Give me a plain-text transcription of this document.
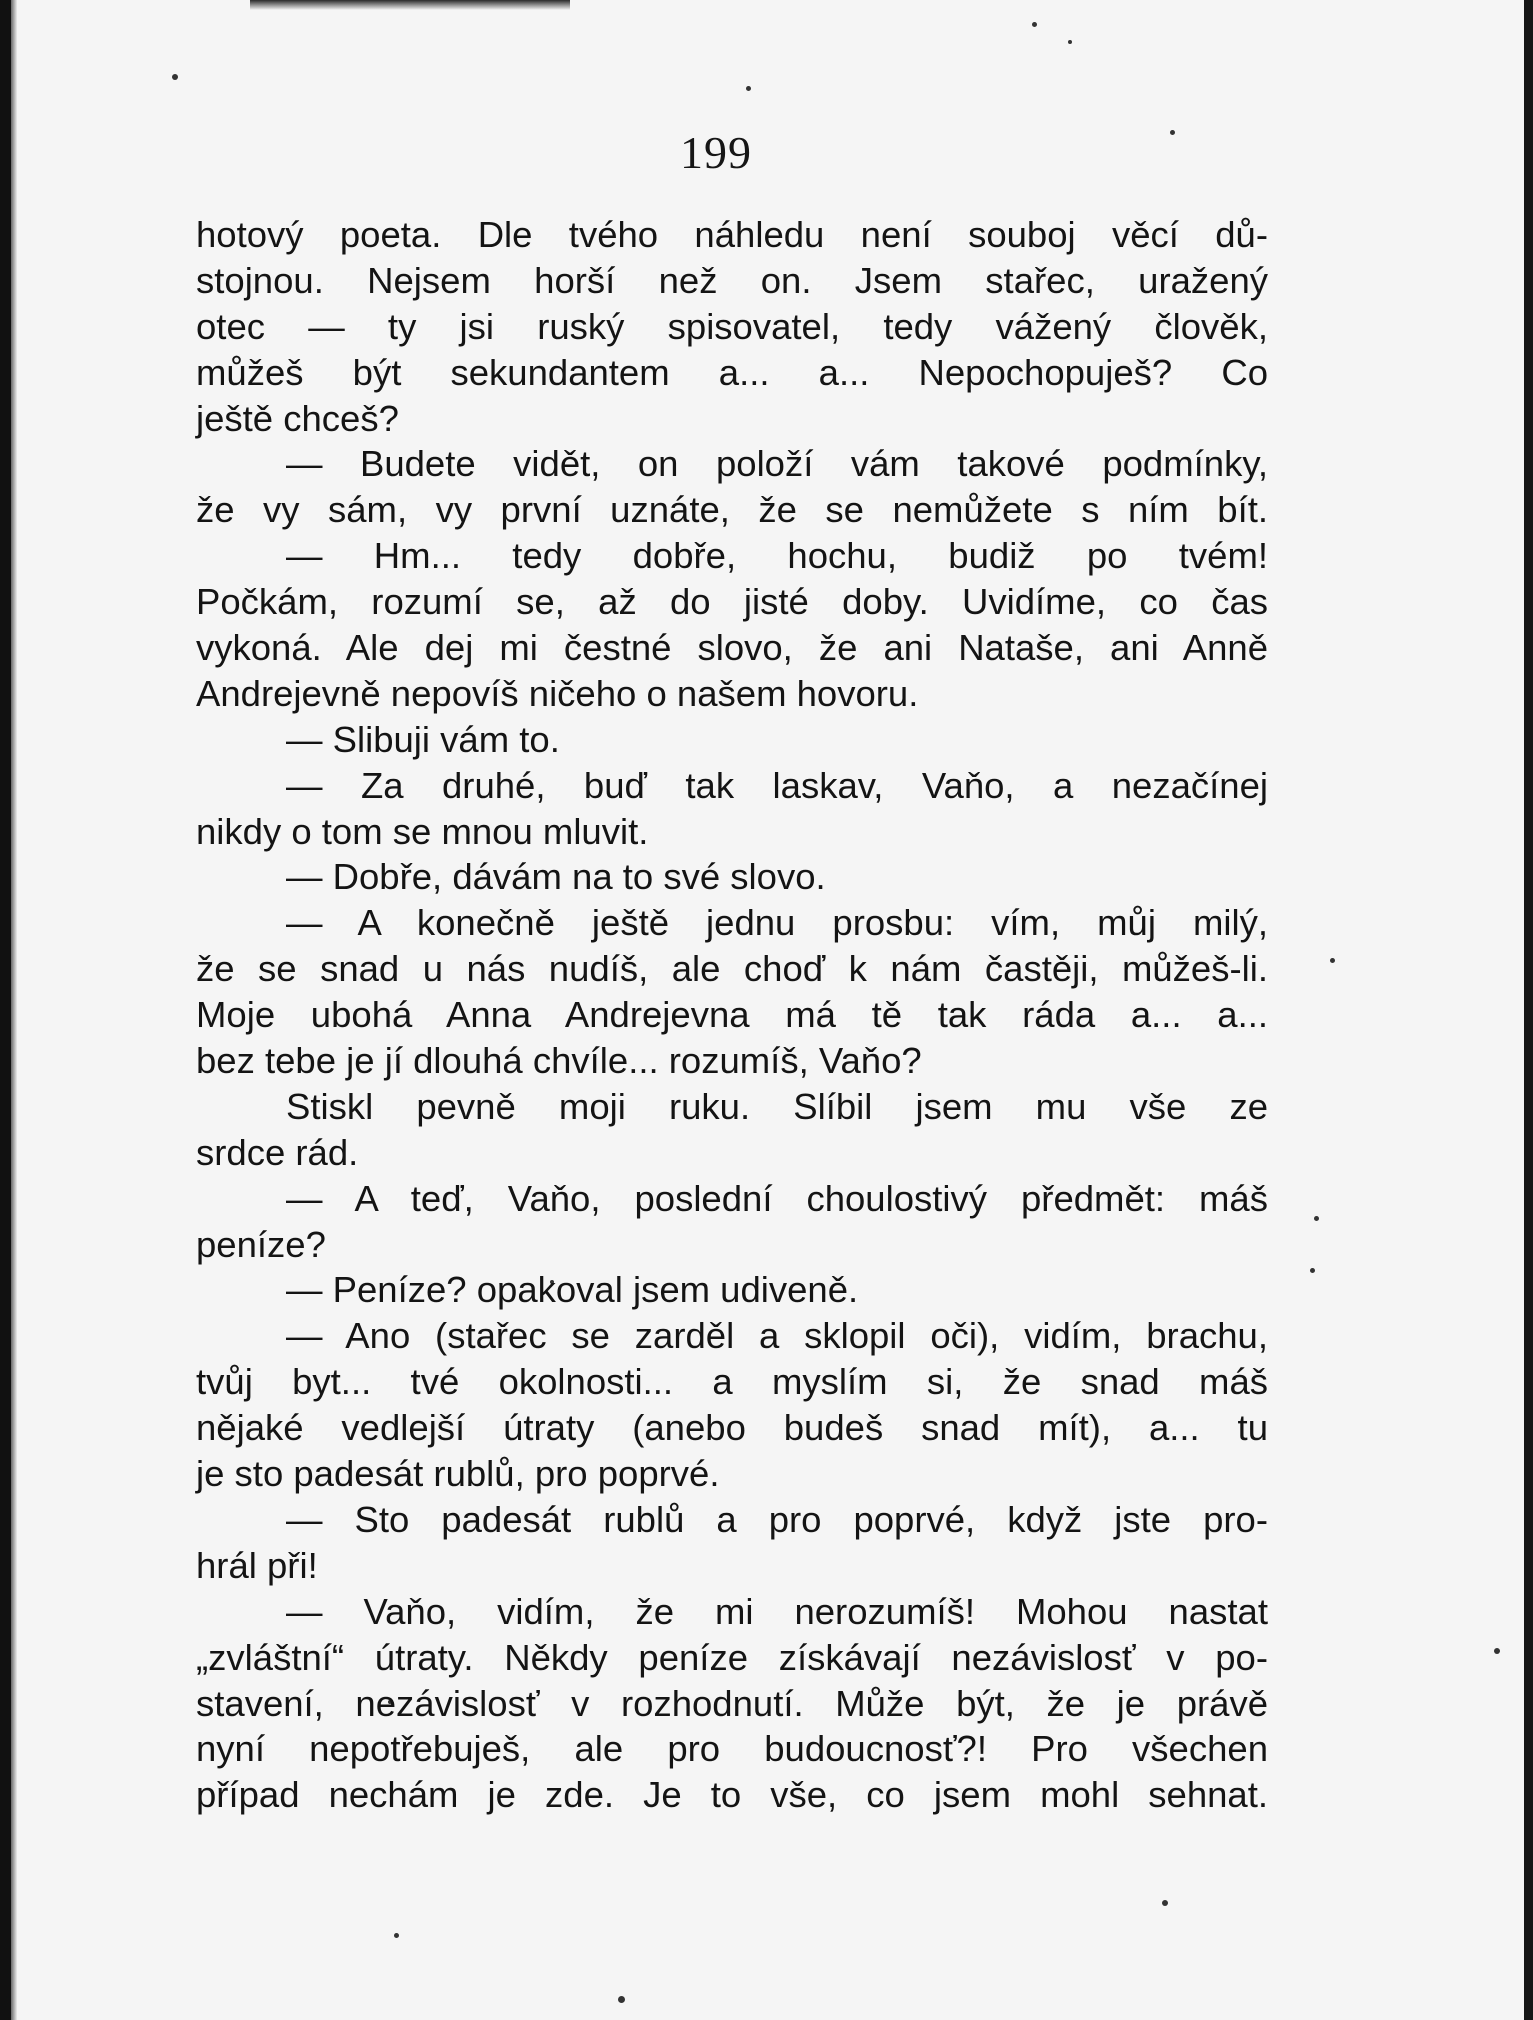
199
hotový poeta. Dle tvého náhledu není souboj věcí dů-
stojnou. Nejsem horší než on. Jsem stařec, uražený
otec — ty jsi ruský spisovatel, tedy vážený člověk,
můžeš být sekundantem a... a... Nepochopuješ? Co
ještě chceš?
— Budete vidět, on položí vám takové podmínky,
že vy sám, vy první uznáte, že se nemůžete s ním bít.
— Hm... tedy dobře, hochu, budiž po tvém!
Počkám, rozumí se, až do jisté doby. Uvidíme, co čas
vykoná. Ale dej mi čestné slovo, že ani Nataše, ani Anně
Andrejevně nepovíš ničeho o našem hovoru.
— Slibuji vám to.
— Za druhé, buď tak laskav, Vaňo, a nezačínej
nikdy o tom se mnou mluvit.
— Dobře, dávám na to své slovo.
— A konečně ještě jednu prosbu: vím, můj milý,
že se snad u nás nudíš, ale choď k nám častěji, můžeš-li.
Moje ubohá Anna Andrejevna má tě tak ráda a... a...
bez tebe je jí dlouhá chvíle... rozumíš, Vaňo?
Stiskl pevně moji ruku. Slíbil jsem mu vše ze
srdce rád.
— A teď, Vaňo, poslední choulostivý předmět: máš
peníze?
— Peníze? opakoval jsem udiveně.
— Ano (stařec se zarděl a sklopil oči), vidím, brachu,
tvůj byt... tvé okolnosti... a myslím si, že snad máš
nějaké vedlejší útraty (anebo budeš snad mít), a... tu
je sto padesát rublů, pro poprvé.
— Sto padesát rublů a pro poprvé, když jste pro-
hrál při!
— Vaňo, vidím, že mi nerozumíš! Mohou nastat
„zvláštní“ útraty. Někdy peníze získávají nezávislosť v po-
stavení, nezávislosť v rozhodnutí. Může být, že je právě
nyní nepotřebuješ, ale pro budoucnosť?! Pro všechen
případ nechám je zde. Je to vše, co jsem mohl sehnat.
